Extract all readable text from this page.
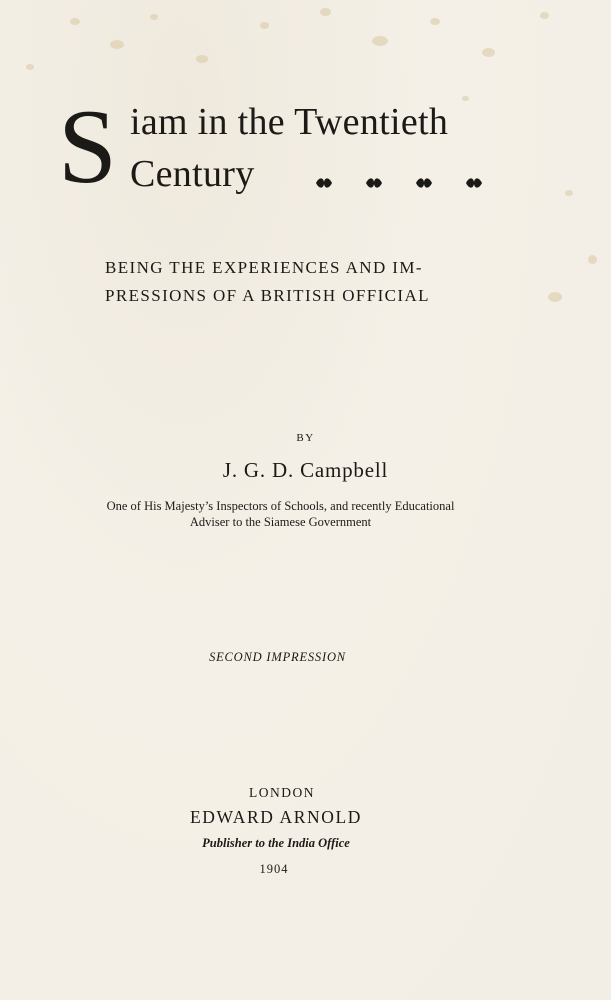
S iam in the Twentieth
Century
BEING THE EXPERIENCES AND IM-
PRESSIONS OF A BRITISH OFFICIAL
BY
J. G. D. Campbell
One of His Majesty’s Inspectors of Schools, and recently Educational
Adviser to the Siamese Government
SECOND IMPRESSION
LONDON
EDWARD ARNOLD
Publisher to the India Office
1904
